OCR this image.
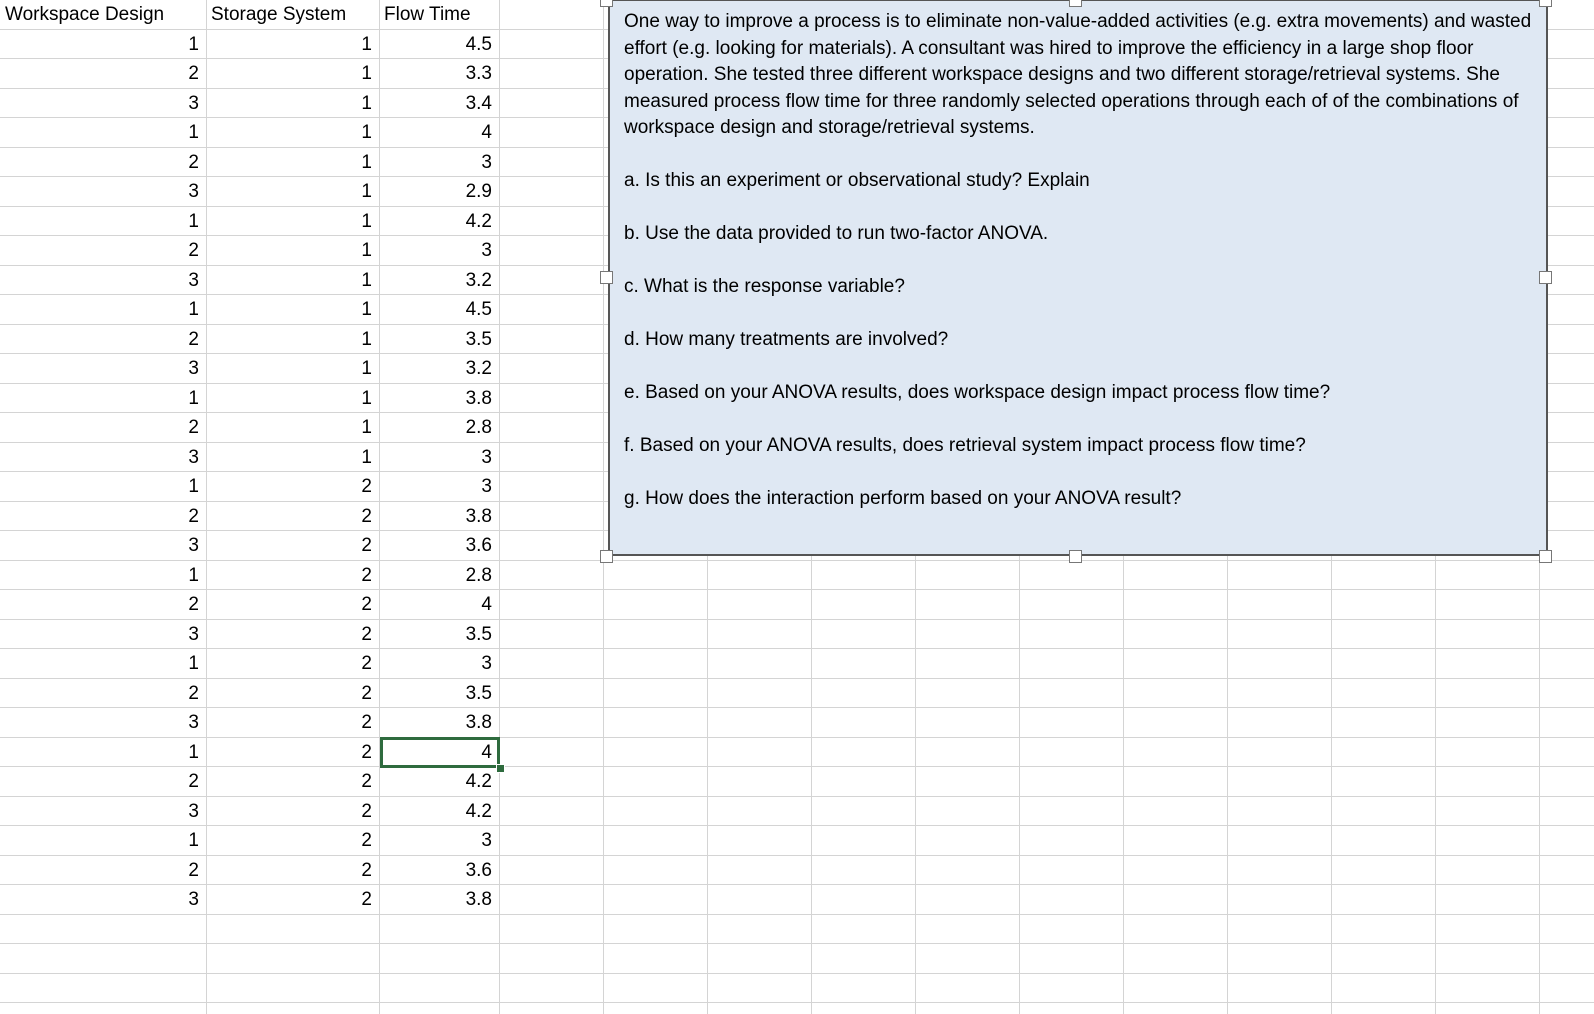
Workspace Design	Storage System	Flow Time
1	1	4.5
2	1	3.3
3	1	3.4
1	1	4
2	1	3
3	1	2.9
1	1	4.2
2	1	3
3	1	3.2
1	1	4.5
2	1	3.5
3	1	3.2
1	1	3.8
2	1	2.8
3	1	3
1	2	3
2	2	3.8
3	2	3.6
1	2	2.8
2	2	4
3	2	3.5
1	2	3
2	2	3.5
3	2	3.8
1	2	4
2	2	4.2
3	2	4.2
1	2	3
2	2	3.6
3	2	3.8

One way to improve a process is to eliminate non-value-added activities (e.g. extra movements) and wasted effort (e.g. looking for materials). A consultant was hired to improve the efficiency in a large shop floor operation. She tested three different workspace designs and two different storage/retrieval systems. She measured process flow time for three randomly selected operations through each of of the combinations of workspace design and storage/retrieval systems.

a. Is this an experiment or observational study? Explain

b. Use the data provided to run two-factor ANOVA.

c. What is the response variable?

d. How many treatments are involved?

e. Based on your ANOVA results, does workspace design impact process flow time?

f. Based on your ANOVA results, does retrieval system impact process flow time?

g. How does the interaction perform based on your ANOVA result?
